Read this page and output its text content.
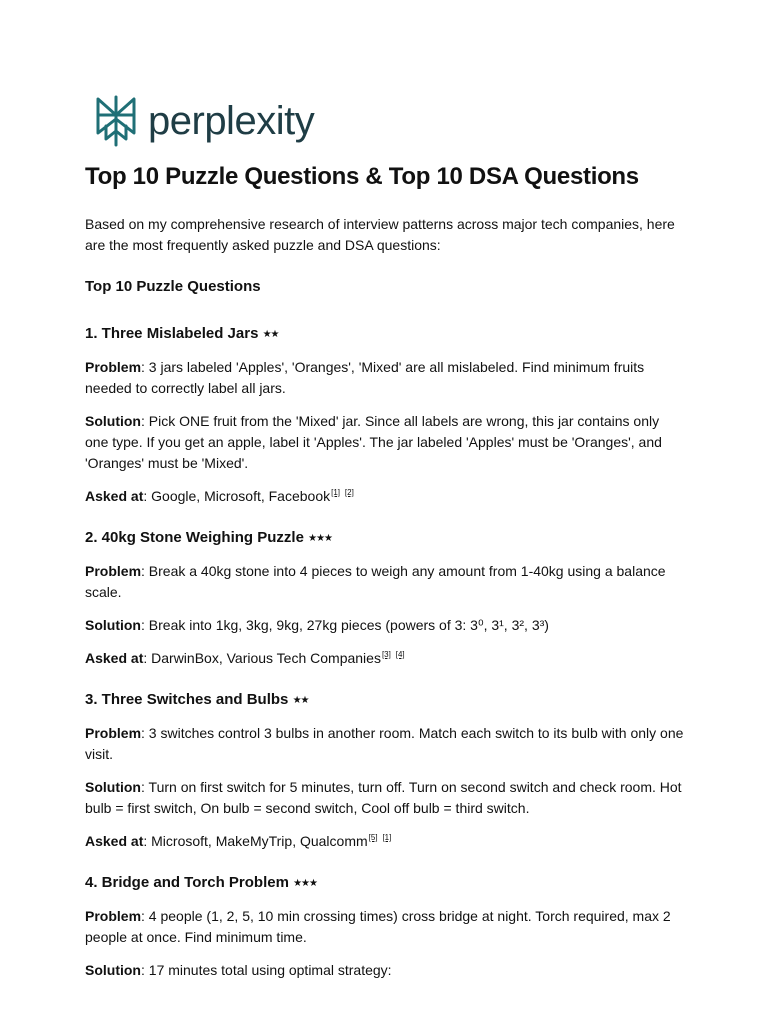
perplexity
Top 10 Puzzle Questions & Top 10 DSA Questions

Based on my comprehensive research of interview patterns across major tech companies, here are the most frequently asked puzzle and DSA questions:

Top 10 Puzzle Questions
1. Three Mislabeled Jars ★★

Problem: 3 jars labeled 'Apples', 'Oranges', 'Mixed' are all mislabeled. Find minimum fruits needed to correctly label all jars.

Solution: Pick ONE fruit from the 'Mixed' jar. Since all labels are wrong, this jar contains only one type. If you get an apple, label it 'Apples'. The jar labeled 'Apples' must be 'Oranges', and 'Oranges' must be 'Mixed'.

Asked at: Google, Microsoft, Facebook[1] [2]

2. 40kg Stone Weighing Puzzle ★★★

Problem: Break a 40kg stone into 4 pieces to weigh any amount from 1-40kg using a balance scale.

Solution: Break into 1kg, 3kg, 9kg, 27kg pieces (powers of 3: 3⁰, 3¹, 3², 3³)

Asked at: DarwinBox, Various Tech Companies[3] [4]

3. Three Switches and Bulbs ★★

Problem: 3 switches control 3 bulbs in another room. Match each switch to its bulb with only one visit.

Solution: Turn on first switch for 5 minutes, turn off. Turn on second switch and check room. Hot bulb = first switch, On bulb = second switch, Cool off bulb = third switch.

Asked at: Microsoft, MakeMyTrip, Qualcomm[5] [1]

4. Bridge and Torch Problem ★★★

Problem: 4 people (1, 2, 5, 10 min crossing times) cross bridge at night. Torch required, max 2 people at once. Find minimum time.

Solution: 17 minutes total using optimal strategy:
